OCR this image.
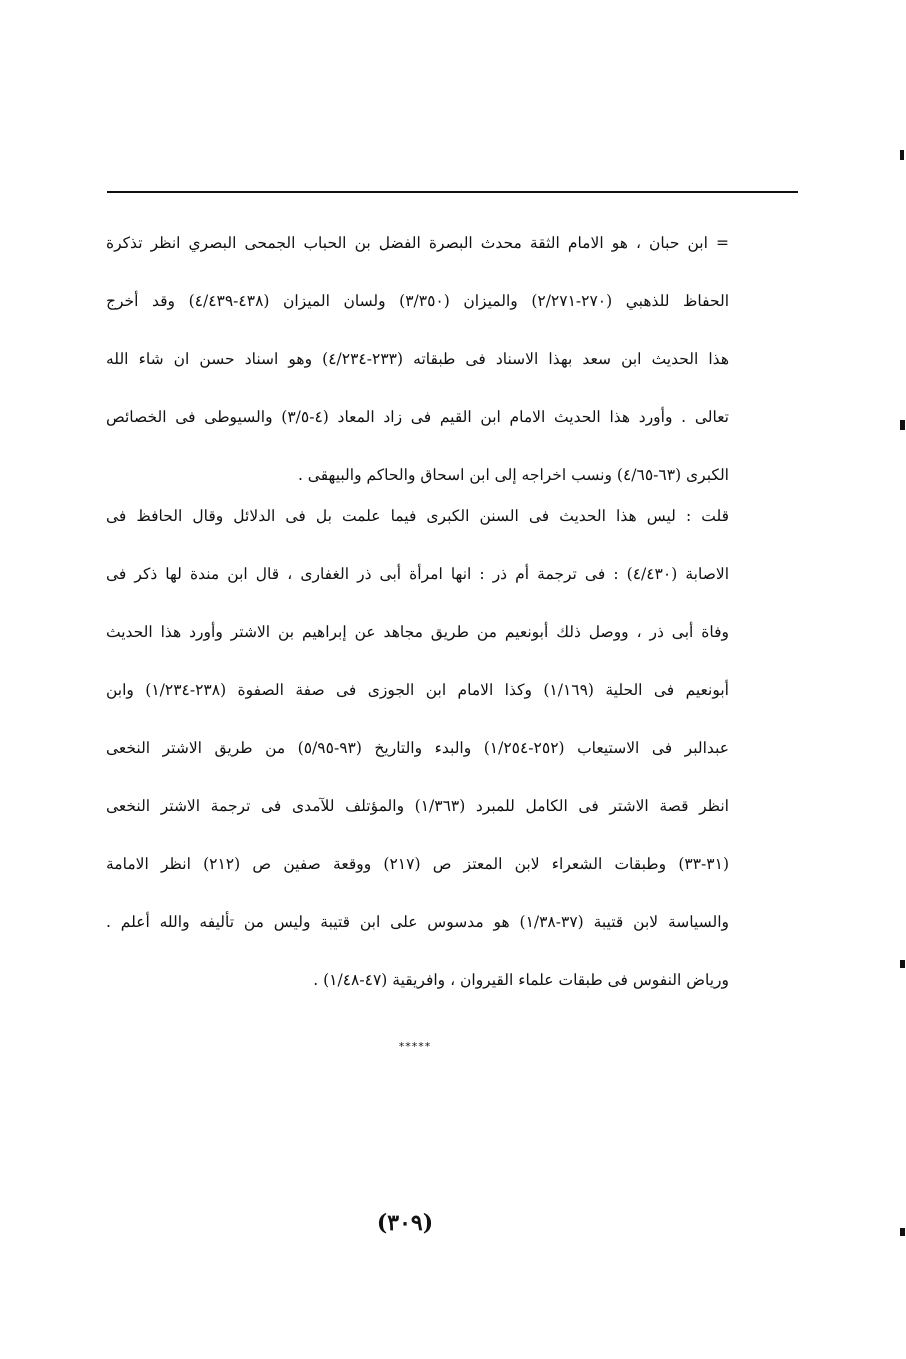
= ابن حبان ، هو الامام الثقة محدث البصرة الفضل بن الحباب الجمحى البصري انظر تذكرة
الحفاظ للذهبي (٢٧٠-٢/٢٧١) والميزان (٣/٣٥٠) ولسان الميزان (٤٣٨-٤/٤٣٩) وقد أخرج
هذا الحديث ابن سعد بهذا الاسناد فى طبقاته (٢٣٣-٤/٢٣٤) وهو اسناد حسن ان شاء الله
تعالى . وأورد هذا الحديث الامام ابن القيم فى زاد المعاد (٤-٣/٥) والسيوطى فى الخصائص
الكبرى (٦٣-٤/٦٥) ونسب اخراجه إلى ابن اسحاق والحاكم والبيهقى .
قلت : ليس هذا الحديث فى السنن الكبرى فيما علمت بل فى الدلائل وقال الحافظ فى
الاصابة (٤/٤٣٠) : فى ترجمة أم ذر : انها امرأة أبى ذر الغفارى ، قال ابن مندة لها ذكر فى
وفاة أبى ذر ، ووصل ذلك أبونعيم من طريق مجاهد عن إبراهيم بن الاشتر وأورد هذا الحديث
أبونعيم فى الحلية (١/١٦٩) وكذا الامام ابن الجوزى فى صفة الصفوة (٢٣٨-١/٢٣٤) وابن
عبدالبر فى الاستيعاب (٢٥٢-١/٢٥٤) والبدء والتاريخ (٩٣-٥/٩٥) من طريق الاشتر النخعى
انظر قصة الاشتر فى الكامل للمبرد (١/٣٦٣) والمؤتلف للآمدى فى ترجمة الاشتر النخعى
(٣١-٣٣) وطبقات الشعراء لابن المعتز ص (٢١٧) ووقعة صفين ص (٢١٢) انظر الامامة
والسياسة لابن قتيبة (٣٧-١/٣٨) هو مدسوس على ابن قتيبة وليس من تأليفه والله أعلم .
ورياض النفوس فى طبقات علماء القيروان ، وافريقية (٤٧-١/٤٨) .
*****
(٣٠٩)
